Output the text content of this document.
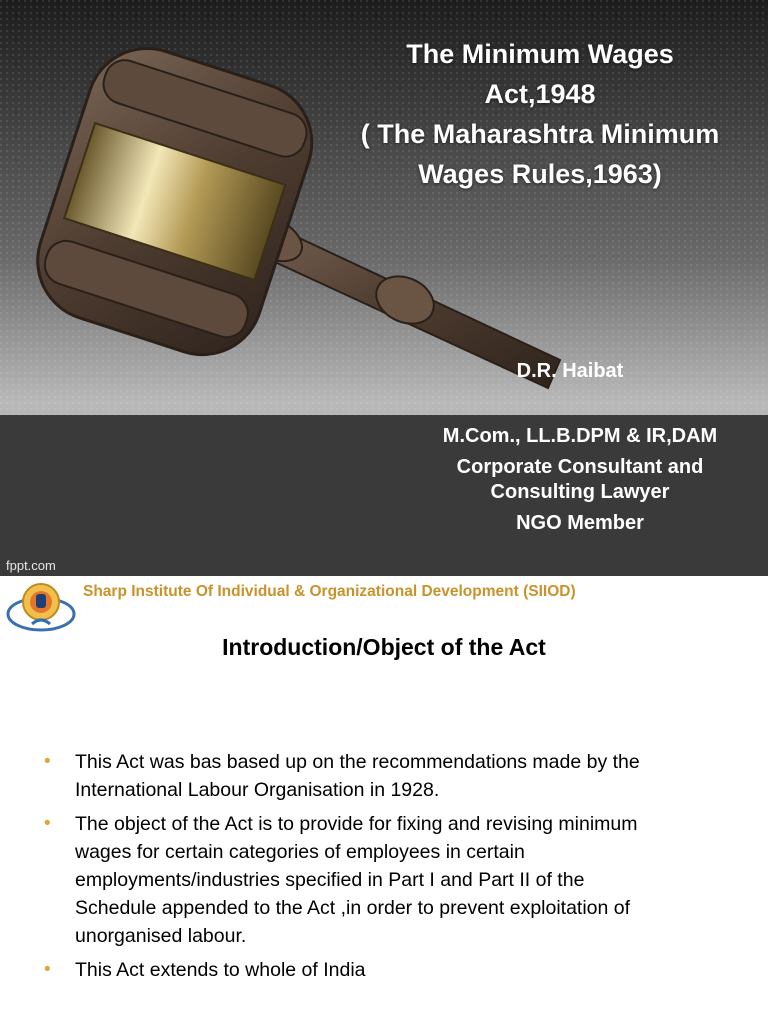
The Minimum Wages
Act,1948
( The Maharashtra Minimum
Wages Rules,1963)
D.R. Haibat
M.Com., LL.B.DPM & IR,DAM
Corporate Consultant and
Consulting Lawyer
NGO Member
fppt.com
Sharp Institute Of Individual & Organizational Development (SIIOD)
Introduction/Object of the Act
• This Act was bas based up on the recommendations made by the
International Labour Organisation in 1928.
• The object of the Act is to provide for fixing and revising minimum
wages for certain categories of employees in certain
employments/industries specified in Part I and Part II of the
Schedule appended to the Act ,in order to prevent exploitation of
unorganised labour.
• This Act extends to whole of India
